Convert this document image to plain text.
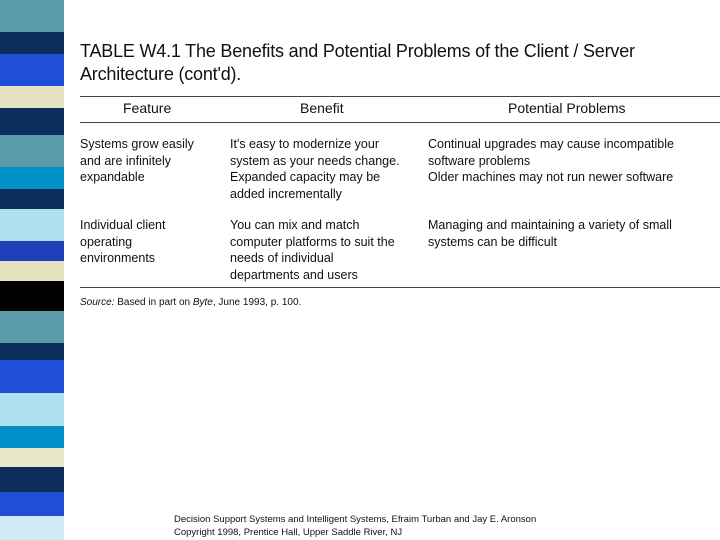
TABLE W4.1 The Benefits and Potential Problems of the Client / Server
Architecture (cont'd).
Feature	Benefit	Potential Problems
Systems grow easily
and are infinitely
expandable
It's easy to modernize your
system as your needs change.
Expanded capacity may be
added incrementally
Continual upgrades may cause incompatible
software problems
Older machines may not run newer software
Individual client
operating
environments
You can mix and match
computer platforms to suit the
needs of individual
departments and users
Managing and maintaining a variety of small
systems can be difficult
Source: Based in part on Byte, June 1993, p. 100.
Decision Support Systems and Intelligent Systems, Efraim Turban and Jay E. Aronson
Copyright 1998, Prentice Hall, Upper Saddle River, NJ
